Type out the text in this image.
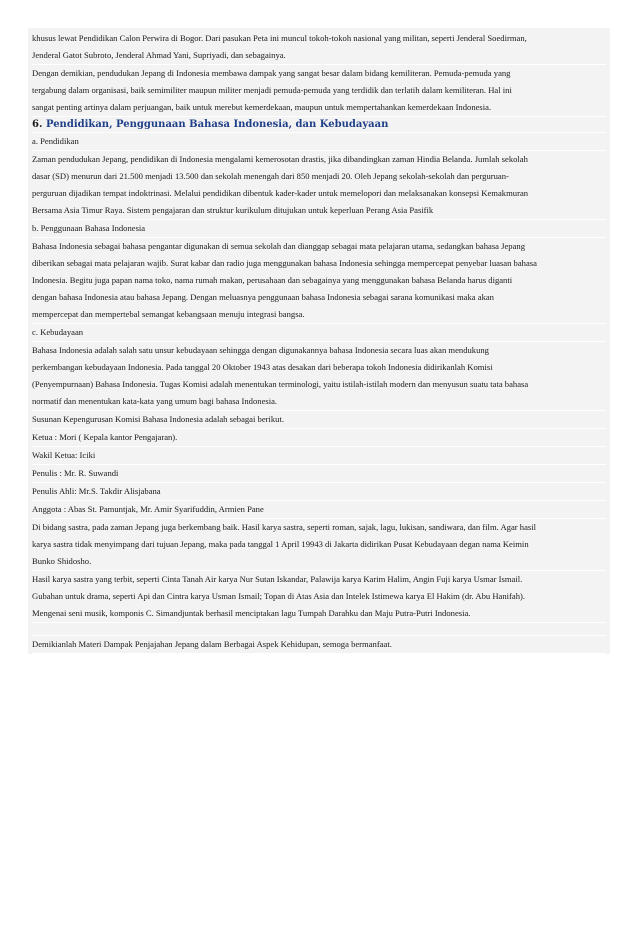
khusus lewat Pendidikan Calon Perwira di Bogor. Dari pasukan Peta ini muncul tokoh-tokoh nasional yang militan, seperti Jenderal Soedirman,
Jenderal Gatot Subroto, Jenderal Ahmad Yani, Supriyadi, dan sebagainya.
Dengan demikian, pendudukan Jepang di Indonesia membawa dampak yang sangat besar dalam bidang kemiliteran. Pemuda-pemuda yang
tergabung dalam organisasi, baik semimiliter maupun militer menjadi pemuda-pemuda yang terdidik dan terlatih dalam kemiliteran. Hal ini
sangat penting artinya dalam perjuangan, baik untuk merebut kemerdekaan, maupun untuk mempertahankan kemerdekaan Indonesia.
6. Pendidikan, Penggunaan Bahasa Indonesia, dan Kebudayaan
a. Pendidikan
Zaman pendudukan Jepang, pendidikan di Indonesia mengalami kemerosotan drastis, jika dibandingkan zaman Hindia Belanda. Jumlah sekolah
dasar (SD) menurun dari 21.500 menjadi 13.500 dan sekolah menengah dari 850 menjadi 20. Oleh Jepang sekolah-sekolah dan perguruan-
perguruan dijadikan tempat indoktrinasi. Melalui pendidikan dibentuk kader-kader untuk memelopori dan melaksanakan konsepsi Kemakmuran
Bersama Asia Timur Raya. Sistem pengajaran dan struktur kurikulum ditujukan untuk keperluan Perang Asia Pasifik
b. Penggunaan Bahasa Indonesia
Bahasa Indonesia sebagai bahasa pengantar digunakan di semua sekolah dan dianggap sebagai mata pelajaran utama, sedangkan bahasa Jepang
diberikan sebagai mata pelajaran wajib. Surat kabar dan radio juga menggunakan bahasa Indonesia sehingga mempercepat penyebar luasan bahasa
Indonesia. Begitu juga papan nama toko, nama rumah makan, perusahaan dan sebagainya yang menggunakan bahasa Belanda harus diganti
dengan bahasa Indonesia atau bahasa Jepang. Dengan meluasnya penggunaan bahasa Indonesia sebagai sarana komunikasi maka akan
mempercepat dan mempertebal semangat kebangsaan menuju integrasi bangsa.
c. Kebudayaan
Bahasa Indonesia adalah salah satu unsur kebudayaan sehingga dengan digunakannya bahasa Indonesia secara luas akan mendukung
perkembangan kebudayaan Indonesia. Pada tanggal 20 Oktober 1943 atas desakan dari beberapa tokoh Indonesia didirikanlah Komisi
(Penyempurnaan) Bahasa Indonesia. Tugas Komisi adalah menentukan terminologi, yaitu istilah-istilah modern dan menyusun suatu tata bahasa
normatif dan menentukan kata-kata yang umum bagi bahasa Indonesia.
Susunan Kepengurusan Komisi Bahasa Indonesia adalah sebagai berikut.
Ketua : Mori ( Kepala kantor Pengajaran).
Wakil Ketua: Iciki
Penulis : Mr. R. Suwandi
Penulis Ahli: Mr.S. Takdir Alisjabana
Anggota : Abas St. Pamuntjak, Mr. Amir Syarifuddin, Armien Pane
Di bidang sastra, pada zaman Jepang juga berkembang baik. Hasil karya sastra, seperti roman, sajak, lagu, lukisan, sandiwara, dan film. Agar hasil
karya sastra tidak menyimpang dari tujuan Jepang, maka pada tanggal 1 April 19943 di Jakarta didirikan Pusat Kebudayaan degan nama Keimin
Bunko Shidosho.
Hasil karya sastra yang terbit, seperti Cinta Tanah Air karya Nur Sutan Iskandar, Palawija karya Karim Halim, Angin Fuji karya Usmar Ismail.
Gubahan untuk drama, seperti Api dan Cintra karya Usman Ismail; Topan di Atas Asia dan Intelek Istimewa karya El Hakim (dr. Abu Hanifah).
Mengenai seni musik, komponis C. Simandjuntak berhasil menciptakan lagu Tumpah Darahku dan Maju Putra-Putri Indonesia.
Demikianlah Materi Dampak Penjajahan Jepang dalam Berbagai Aspek Kehidupan, semoga bermanfaat.
